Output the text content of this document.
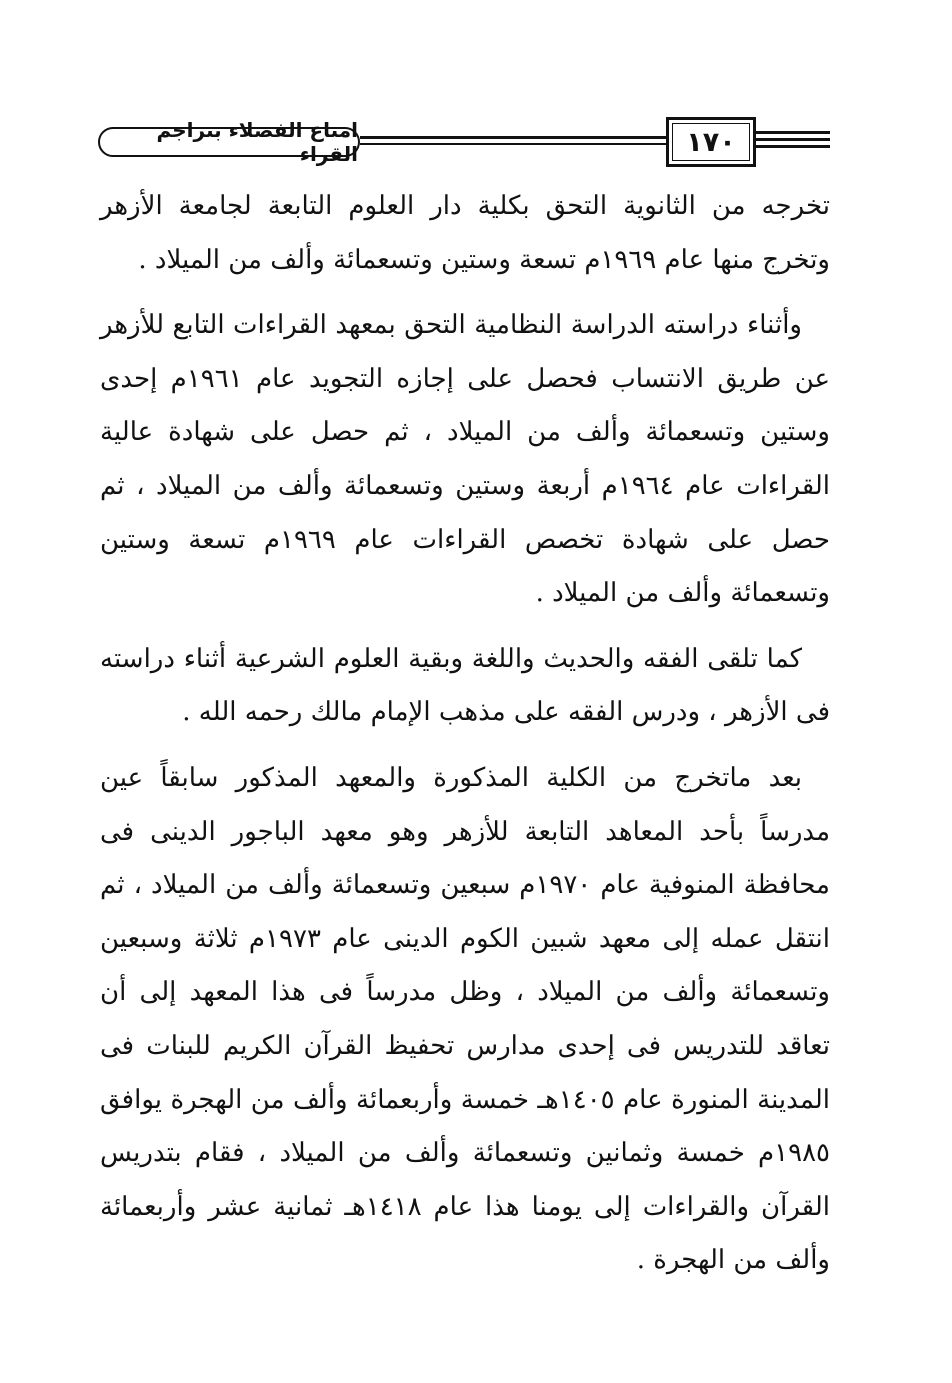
امتاع الفضلاء بتراجم القراء	١٧٠

تخرجه من الثانوية التحق بكلية دار العلوم التابعة لجامعة الأزهر وتخرج منها عام ١٩٦٩م تسعة وستين وتسعمائة وألف من الميلاد .

وأثناء دراسته الدراسة النظامية التحق بمعهد القراءات التابع للأزهر عن طريق الانتساب فحصل على إجازه التجويد عام ١٩٦١م إحدى وستين وتسعمائة وألف من الميلاد ، ثم حصل على شهادة عالية القراءات عام ١٩٦٤م أربعة وستين وتسعمائة وألف من الميلاد ، ثم حصل على شهادة تخصص القراءات عام ١٩٦٩م تسعة وستين وتسعمائة وألف من الميلاد .

كما تلقى الفقه والحديث واللغة وبقية العلوم الشرعية أثناء دراسته فى الأزهر ، ودرس الفقه على مذهب الإمام مالك رحمه الله .

بعد ماتخرج من الكلية المذكورة والمعهد المذكور سابقاً عين مدرساً بأحد المعاهد التابعة للأزهر وهو معهد الباجور الدينى فى محافظة المنوفية عام ١٩٧٠م سبعين وتسعمائة وألف من الميلاد ، ثم انتقل عمله إلى معهد شبين الكوم الدينى عام ١٩٧٣م ثلاثة وسبعين وتسعمائة وألف من الميلاد ، وظل مدرساً فى هذا المعهد إلى أن تعاقد للتدريس فى إحدى مدارس تحفيظ القرآن الكريم للبنات فى المدينة المنورة عام ١٤٠٥هـ خمسة وأربعمائة وألف من الهجرة يوافق ١٩٨٥م خمسة وثمانين وتسعمائة وألف من الميلاد ، فقام بتدريس القرآن والقراءات إلى يومنا هذا عام ١٤١٨هـ ثمانية عشر وأربعمائة وألف من الهجرة .
